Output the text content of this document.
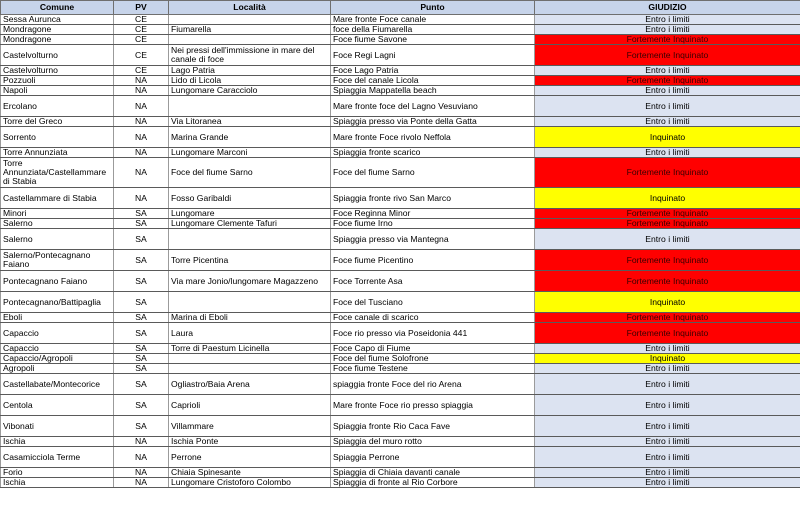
Comune	PV	Località	Punto	GIUDIZIO
Sessa Aurunca	CE		Mare fronte Foce canale	Entro i limiti
Mondragone	CE	Fiumarella	foce della Fiumarella	Entro i limiti
Mondragone	CE		Foce fiume Savone	Fortemente Inquinato
Castelvolturno	CE	Nei pressi dell'immissione in mare del canale di foce	Foce Regi Lagni	Fortemente Inquinato
Castelvolturno	CE	Lago Patria	Foce Lago Patria	Entro i limiti
Pozzuoli	NA	Lido di Licola	Foce del canale Licola	Fortemente Inquinato
Napoli	NA	Lungomare Caracciolo	Spiaggia Mappatella beach	Entro i limiti
Ercolano	NA		Mare fronte foce del Lagno Vesuviano	Entro i limiti
Torre del Greco	NA	Via Litoranea	Spiaggia presso via Ponte della Gatta	Entro i limiti
Sorrento	NA	Marina Grande	Mare fronte Foce rivolo Neffola	Inquinato
Torre Annunziata	NA	Lungomare Marconi	Spiaggia fronte scarico	Entro i limiti
Torre Annunziata/Castellammare di Stabia	NA	Foce del fiume Sarno	Foce del fiume Sarno	Fortemente Inquinato
Castellammare di Stabia	NA	Fosso Garibaldi	Spiaggia fronte rivo San Marco	Inquinato
Minori	SA	Lungomare	Foce Reginna Minor	Fortemente Inquinato
Salerno	SA	Lungomare Clemente Tafuri	Foce fiume Irno	Fortemente Inquinato
Salerno	SA		Spiaggia presso via Mantegna	Entro i limiti
Salerno/Pontecagnano Faiano	SA	Torre Picentina	Foce fiume Picentino	Fortemente Inquinato
Pontecagnano Faiano	SA	Via mare Jonio/lungomare Magazzeno	Foce Torrente Asa	Fortemente Inquinato
Pontecagnano/Battipaglia	SA		Foce del Tusciano	Inquinato
Eboli	SA	Marina di Eboli	Foce canale di scarico	Fortemente Inquinato
Capaccio	SA	Laura	Foce rio presso via Poseidonia 441	Fortemente Inquinato
Capaccio	SA	Torre di Paestum Licinella	Foce Capo di Fiume	Entro i limiti
Capaccio/Agropoli	SA		Foce del fiume Solofrone	Inquinato
Agropoli	SA		Foce fiume Testene	Entro i limiti
Castellabate/Montecorice	SA	Ogliastro/Baia Arena	spiaggia fronte Foce del rio Arena	Entro i limiti
Centola	SA	Caprioli	Mare fronte Foce rio presso spiaggia	Entro i limiti
Vibonati	SA	Villammare	Spiaggia fronte Rio Caca Fave	Entro i limiti
Ischia	NA	Ischia Ponte	Spiaggia del muro rotto	Entro i limiti
Casamicciola Terme	NA	Perrone	Spiaggia Perrone	Entro i limiti
Forio	NA	Chiaia Spinesante	Spiaggia di Chiaia davanti canale	Entro i limiti
Ischia	NA	Lungomare Cristoforo Colombo	Spiaggia di fronte al Rio Corbore	Entro i limiti
